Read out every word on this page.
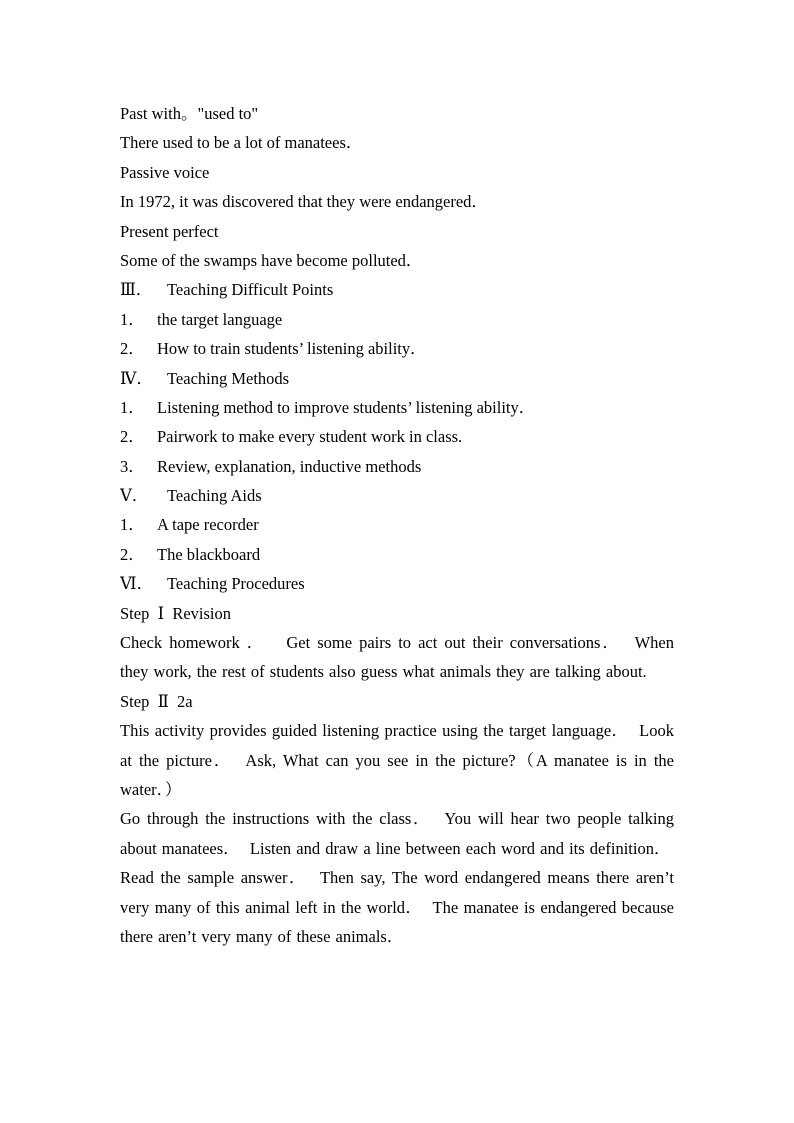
Past with。"used to"
There used to be a lot of manatees．
Passive voice
In 1972, it was discovered that they were endangered．
Present perfect
Some of the swamps have become polluted．
Ⅲ． Teaching Difficult Points
1． the target language
2． How to train students’ listening ability．
Ⅳ． Teaching Methods
1． Listening method to improve students’ listening ability．
2． Pairwork to make every student work in class.
3． Review, explanation, inductive methods
Ⅴ． Teaching Aids
1． A tape recorder
2． The blackboard
Ⅵ． Teaching Procedures
Step  Ⅰ  Revision
Check homework ．   Get some pairs to act out their conversations．  When they work, the rest of students also guess what animals they are talking about.
Step  Ⅱ  2a
This activity provides guided listening practice using the target language．  Look at the picture．  Ask, What can you see in the picture?（A manatee is in the water．）
Go through the instructions with the class．  You will hear two people talking about manatees．  Listen and draw a line between each word and its definition．
Read the sample answer．  Then say, The word endangered means there aren’t very many of this animal left in the world．  The manatee is endangered because there aren’t very many of these animals．
